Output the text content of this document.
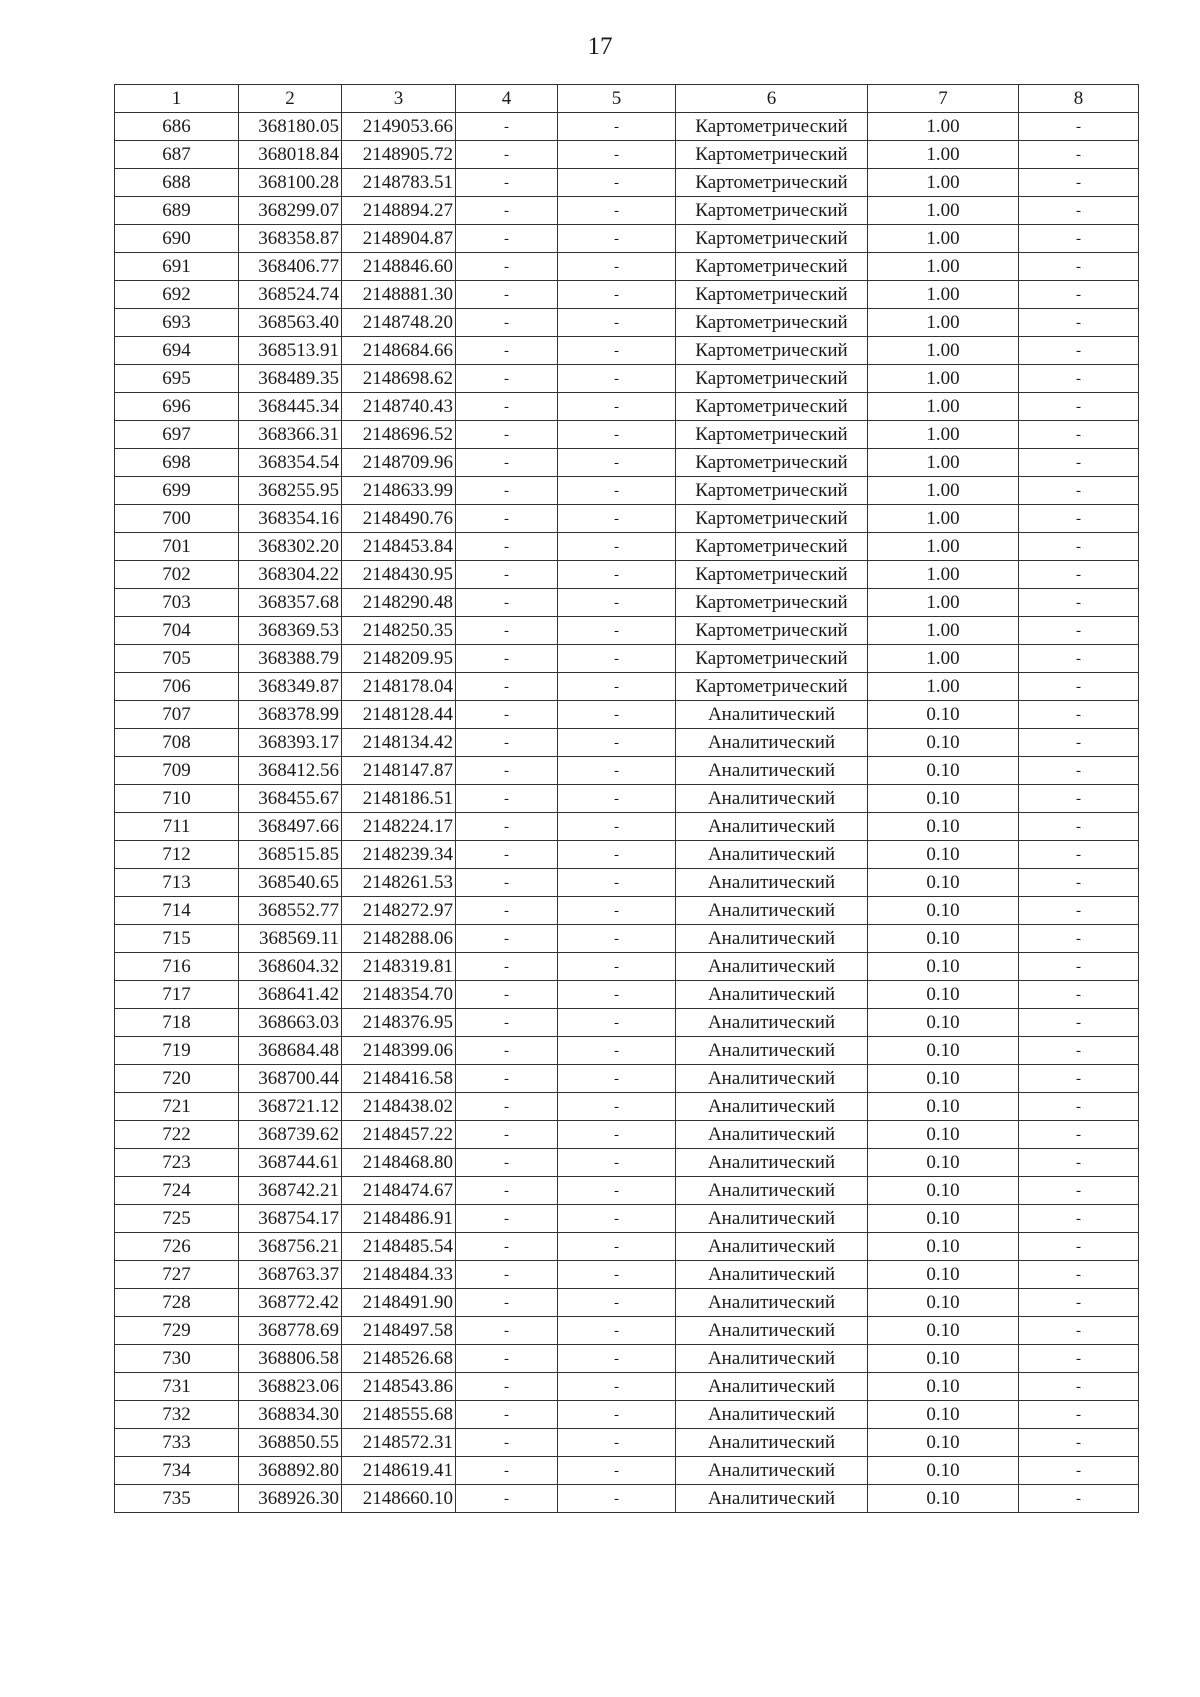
17
1	2	3	4	5	6	7	8
686	368180.05	2149053.66	-	-	Картометрический	1.00	-
687	368018.84	2148905.72	-	-	Картометрический	1.00	-
688	368100.28	2148783.51	-	-	Картометрический	1.00	-
689	368299.07	2148894.27	-	-	Картометрический	1.00	-
690	368358.87	2148904.87	-	-	Картометрический	1.00	-
691	368406.77	2148846.60	-	-	Картометрический	1.00	-
692	368524.74	2148881.30	-	-	Картометрический	1.00	-
693	368563.40	2148748.20	-	-	Картометрический	1.00	-
694	368513.91	2148684.66	-	-	Картометрический	1.00	-
695	368489.35	2148698.62	-	-	Картометрический	1.00	-
696	368445.34	2148740.43	-	-	Картометрический	1.00	-
697	368366.31	2148696.52	-	-	Картометрический	1.00	-
698	368354.54	2148709.96	-	-	Картометрический	1.00	-
699	368255.95	2148633.99	-	-	Картометрический	1.00	-
700	368354.16	2148490.76	-	-	Картометрический	1.00	-
701	368302.20	2148453.84	-	-	Картометрический	1.00	-
702	368304.22	2148430.95	-	-	Картометрический	1.00	-
703	368357.68	2148290.48	-	-	Картометрический	1.00	-
704	368369.53	2148250.35	-	-	Картометрический	1.00	-
705	368388.79	2148209.95	-	-	Картометрический	1.00	-
706	368349.87	2148178.04	-	-	Картометрический	1.00	-
707	368378.99	2148128.44	-	-	Аналитический	0.10	-
708	368393.17	2148134.42	-	-	Аналитический	0.10	-
709	368412.56	2148147.87	-	-	Аналитический	0.10	-
710	368455.67	2148186.51	-	-	Аналитический	0.10	-
711	368497.66	2148224.17	-	-	Аналитический	0.10	-
712	368515.85	2148239.34	-	-	Аналитический	0.10	-
713	368540.65	2148261.53	-	-	Аналитический	0.10	-
714	368552.77	2148272.97	-	-	Аналитический	0.10	-
715	368569.11	2148288.06	-	-	Аналитический	0.10	-
716	368604.32	2148319.81	-	-	Аналитический	0.10	-
717	368641.42	2148354.70	-	-	Аналитический	0.10	-
718	368663.03	2148376.95	-	-	Аналитический	0.10	-
719	368684.48	2148399.06	-	-	Аналитический	0.10	-
720	368700.44	2148416.58	-	-	Аналитический	0.10	-
721	368721.12	2148438.02	-	-	Аналитический	0.10	-
722	368739.62	2148457.22	-	-	Аналитический	0.10	-
723	368744.61	2148468.80	-	-	Аналитический	0.10	-
724	368742.21	2148474.67	-	-	Аналитический	0.10	-
725	368754.17	2148486.91	-	-	Аналитический	0.10	-
726	368756.21	2148485.54	-	-	Аналитический	0.10	-
727	368763.37	2148484.33	-	-	Аналитический	0.10	-
728	368772.42	2148491.90	-	-	Аналитический	0.10	-
729	368778.69	2148497.58	-	-	Аналитический	0.10	-
730	368806.58	2148526.68	-	-	Аналитический	0.10	-
731	368823.06	2148543.86	-	-	Аналитический	0.10	-
732	368834.30	2148555.68	-	-	Аналитический	0.10	-
733	368850.55	2148572.31	-	-	Аналитический	0.10	-
734	368892.80	2148619.41	-	-	Аналитический	0.10	-
735	368926.30	2148660.10	-	-	Аналитический	0.10	-
